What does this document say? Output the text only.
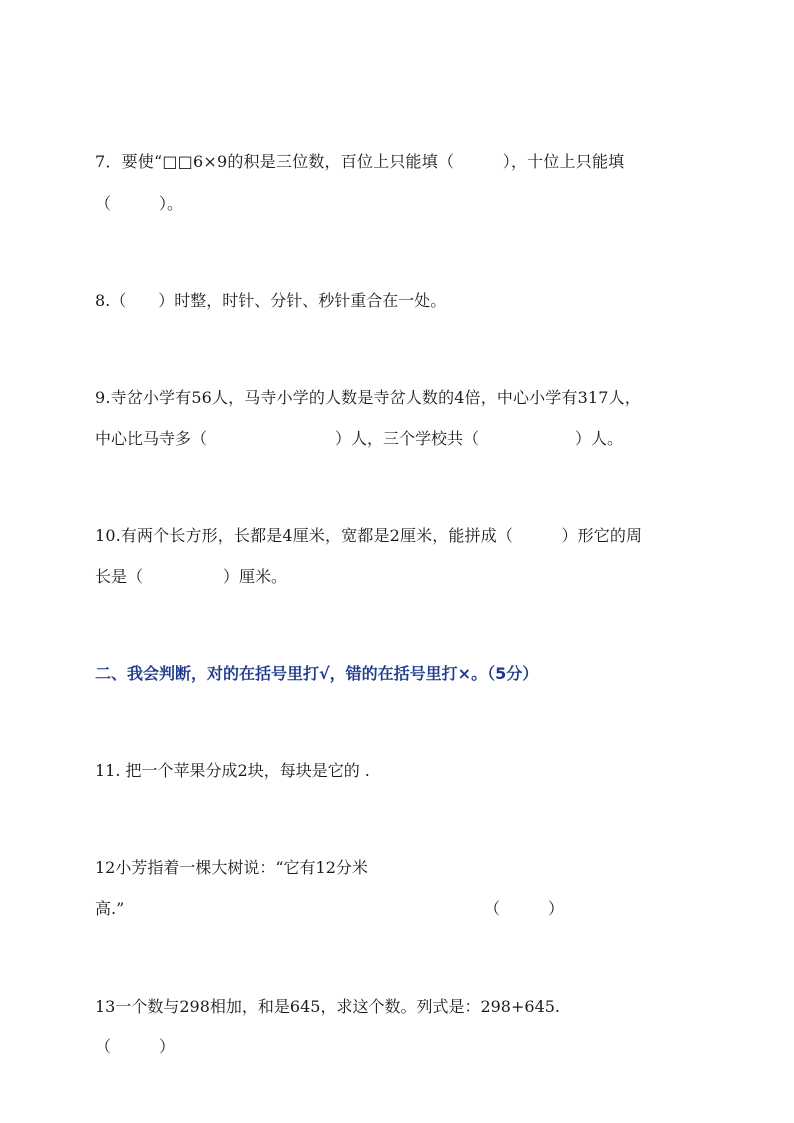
7．要使“□□6×9的积是三位数，百位上只能填（　　　），十位上只能填
（　　　）。
8.（　　）时整，时针、分针、秒针重合在一处。
9.寺岔小学有56人，马寺小学的人数是寺岔人数的4倍，中心小学有317人，
中心比马寺多（　　　　　　　　）人，三个学校共（　　　　　　）人。
10.有两个长方形，长都是4厘米，宽都是2厘米，能拼成（　　　）形它的周
长是（　　　　　）厘米。
二、我会判断，对的在括号里打√，错的在括号里打×。（5分）
11. 把一个苹果分成2块，每块是它的 .
12小芳指着一棵大树说：“它有12分米
高.”	（　　　）
13一个数与298相加，和是645，求这个数。列式是：298+645.
（　　　）
